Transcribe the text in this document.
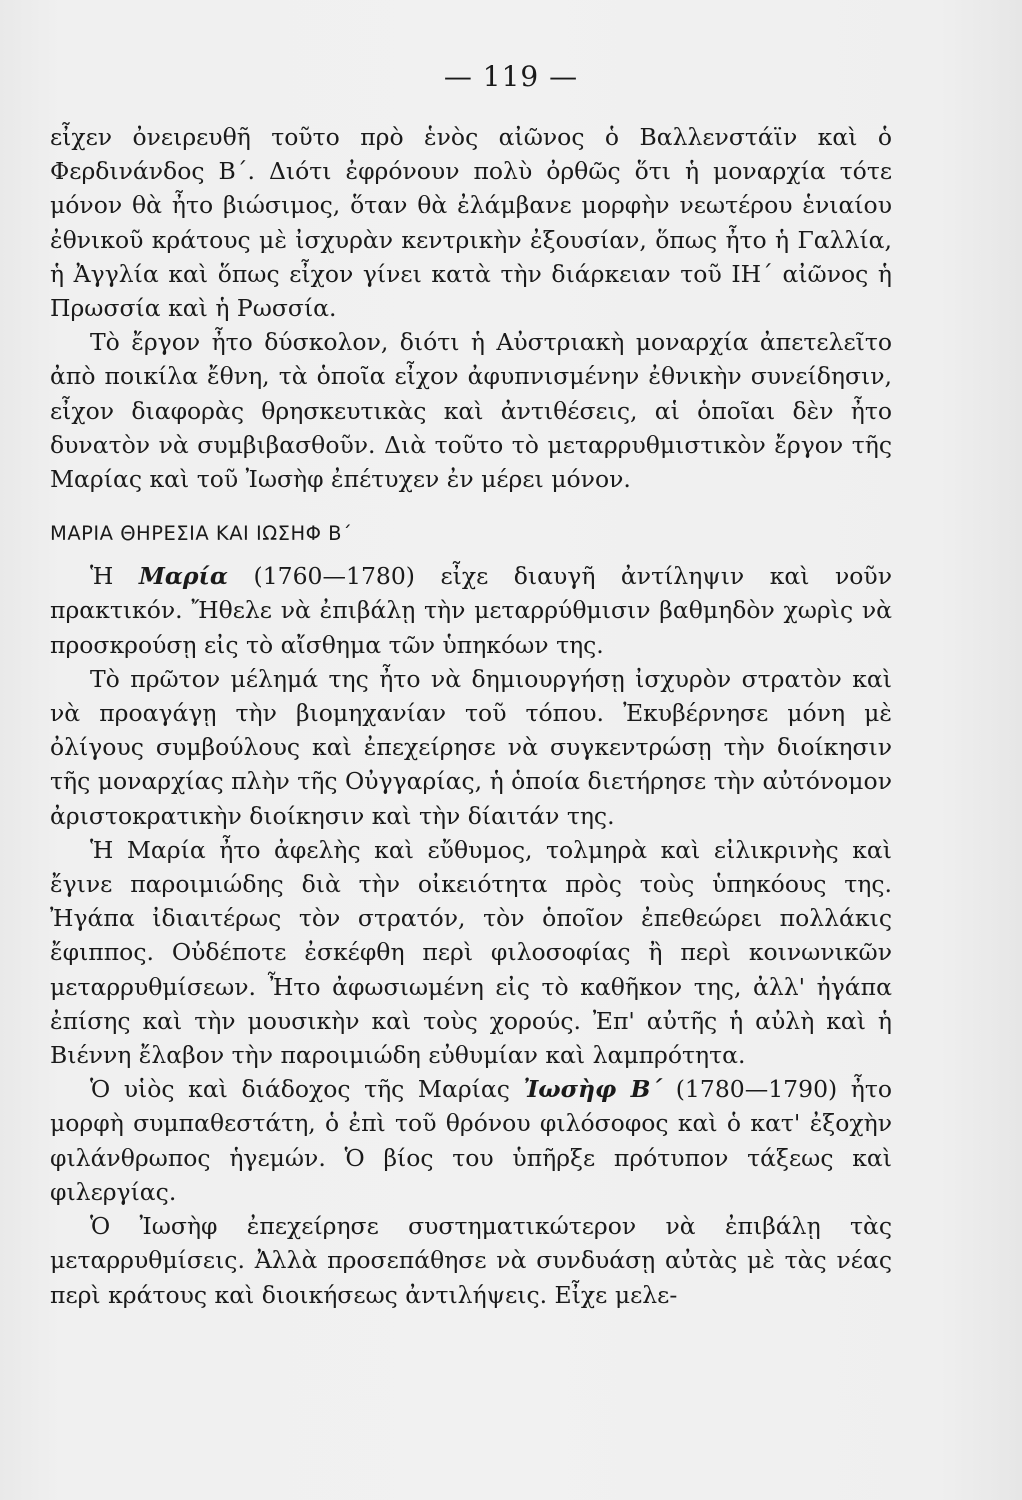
— 119 —

εἶχεν ὀνειρευθῆ τοῦτο πρὸ ἑνὸς αἰῶνος ὁ Βαλλενστάϊν καὶ ὁ Φερδινάνδος Β΄. Διότι ἐφρόνουν πολὺ ὀρθῶς ὅτι ἡ μοναρχία τότε μόνον θὰ ἦτο βιώσιμος, ὅταν θὰ ἐλάμβανε μορφὴν νεωτέρου ἑνιαίου ἐθνικοῦ κράτους μὲ ἰσχυρὰν κεντρικὴν ἐξουσίαν, ὅπως ἦτο ἡ Γαλλία, ἡ Ἀγγλία καὶ ὅπως εἶχον γίνει κατὰ τὴν διάρκειαν τοῦ ΙΗ΄ αἰῶνος ἡ Πρωσσία καὶ ἡ Ρωσσία.

Τὸ ἔργον ἦτο δύσκολον, διότι ἡ Αὐστριακὴ μοναρχία ἀπετελεῖτο ἀπὸ ποικίλα ἔθνη, τὰ ὁποῖα εἶχον ἀφυπνισμένην ἐθνικὴν συνείδησιν, εἶχον διαφορὰς θρησκευτικὰς καὶ ἀντιθέσεις, αἱ ὁποῖαι δὲν ἦτο δυνατὸν νὰ συμβιβασθοῦν. Διὰ τοῦτο τὸ μεταρρυθμιστικὸν ἔργον τῆς Μαρίας καὶ τοῦ Ἰωσὴφ ἐπέτυχεν ἐν μέρει μόνον.

ΜΑΡΙΑ ΘΗΡΕΣΙΑ ΚΑΙ ΙΩΣΗΦ Β΄

Ἡ Μαρία (1760—1780) εἶχε διαυγῆ ἀντίληψιν καὶ νοῦν πρακτικόν. Ἤθελε νὰ ἐπιβάλῃ τὴν μεταρρύθμισιν βαθμηδὸν χωρὶς νὰ προσκρούσῃ εἰς τὸ αἴσθημα τῶν ὑπηκόων της.

Τὸ πρῶτον μέλημά της ἦτο νὰ δημιουργήσῃ ἰσχυρὸν στρατὸν καὶ νὰ προαγάγῃ τὴν βιομηχανίαν τοῦ τόπου. Ἐκυβέρνησε μόνη μὲ ὀλίγους συμβούλους καὶ ἐπεχείρησε νὰ συγκεντρώσῃ τὴν διοίκησιν τῆς μοναρχίας πλὴν τῆς Οὐγγαρίας, ἡ ὁποία διετήρησε τὴν αὐτόνομον ἀριστοκρατικὴν διοίκησιν καὶ τὴν δίαιτάν της.

Ἡ Μαρία ἦτο ἀφελὴς καὶ εὔθυμος, τολμηρὰ καὶ εἰλικρινὴς καὶ ἔγινε παροιμιώδης διὰ τὴν οἰκειότητα πρὸς τοὺς ὑπηκόους της. Ἠγάπα ἰδιαιτέρως τὸν στρατόν, τὸν ὁποῖον ἐπεθεώρει πολλάκις ἔφιππος. Οὐδέποτε ἐσκέφθη περὶ φιλοσοφίας ἢ περὶ κοινωνικῶν μεταρρυθμίσεων. Ἦτο ἀφωσιωμένη εἰς τὸ καθῆκον της, ἀλλ' ἠγάπα ἐπίσης καὶ τὴν μουσικὴν καὶ τοὺς χορούς. Ἐπ' αὐτῆς ἡ αὐλὴ καὶ ἡ Βιέννη ἔλαβον τὴν παροιμιώδη εὐθυμίαν καὶ λαμπρότητα.

Ὁ υἱὸς καὶ διάδοχος τῆς Μαρίας Ἰωσὴφ Β΄ (1780—1790) ἦτο μορφὴ συμπαθεστάτη, ὁ ἐπὶ τοῦ θρόνου φιλόσοφος καὶ ὁ κατ' ἐξοχὴν φιλάνθρωπος ἡγεμών. Ὁ βίος του ὑπῆρξε πρότυπον τάξεως καὶ φιλεργίας.

Ὁ Ἰωσὴφ ἐπεχείρησε συστηματικώτερον νὰ ἐπιβάλῃ τὰς μεταρρυθμίσεις. Ἀλλὰ προσεπάθησε νὰ συνδυάσῃ αὐτὰς μὲ τὰς νέας περὶ κράτους καὶ διοικήσεως ἀντιλήψεις. Εἶχε μελε-
